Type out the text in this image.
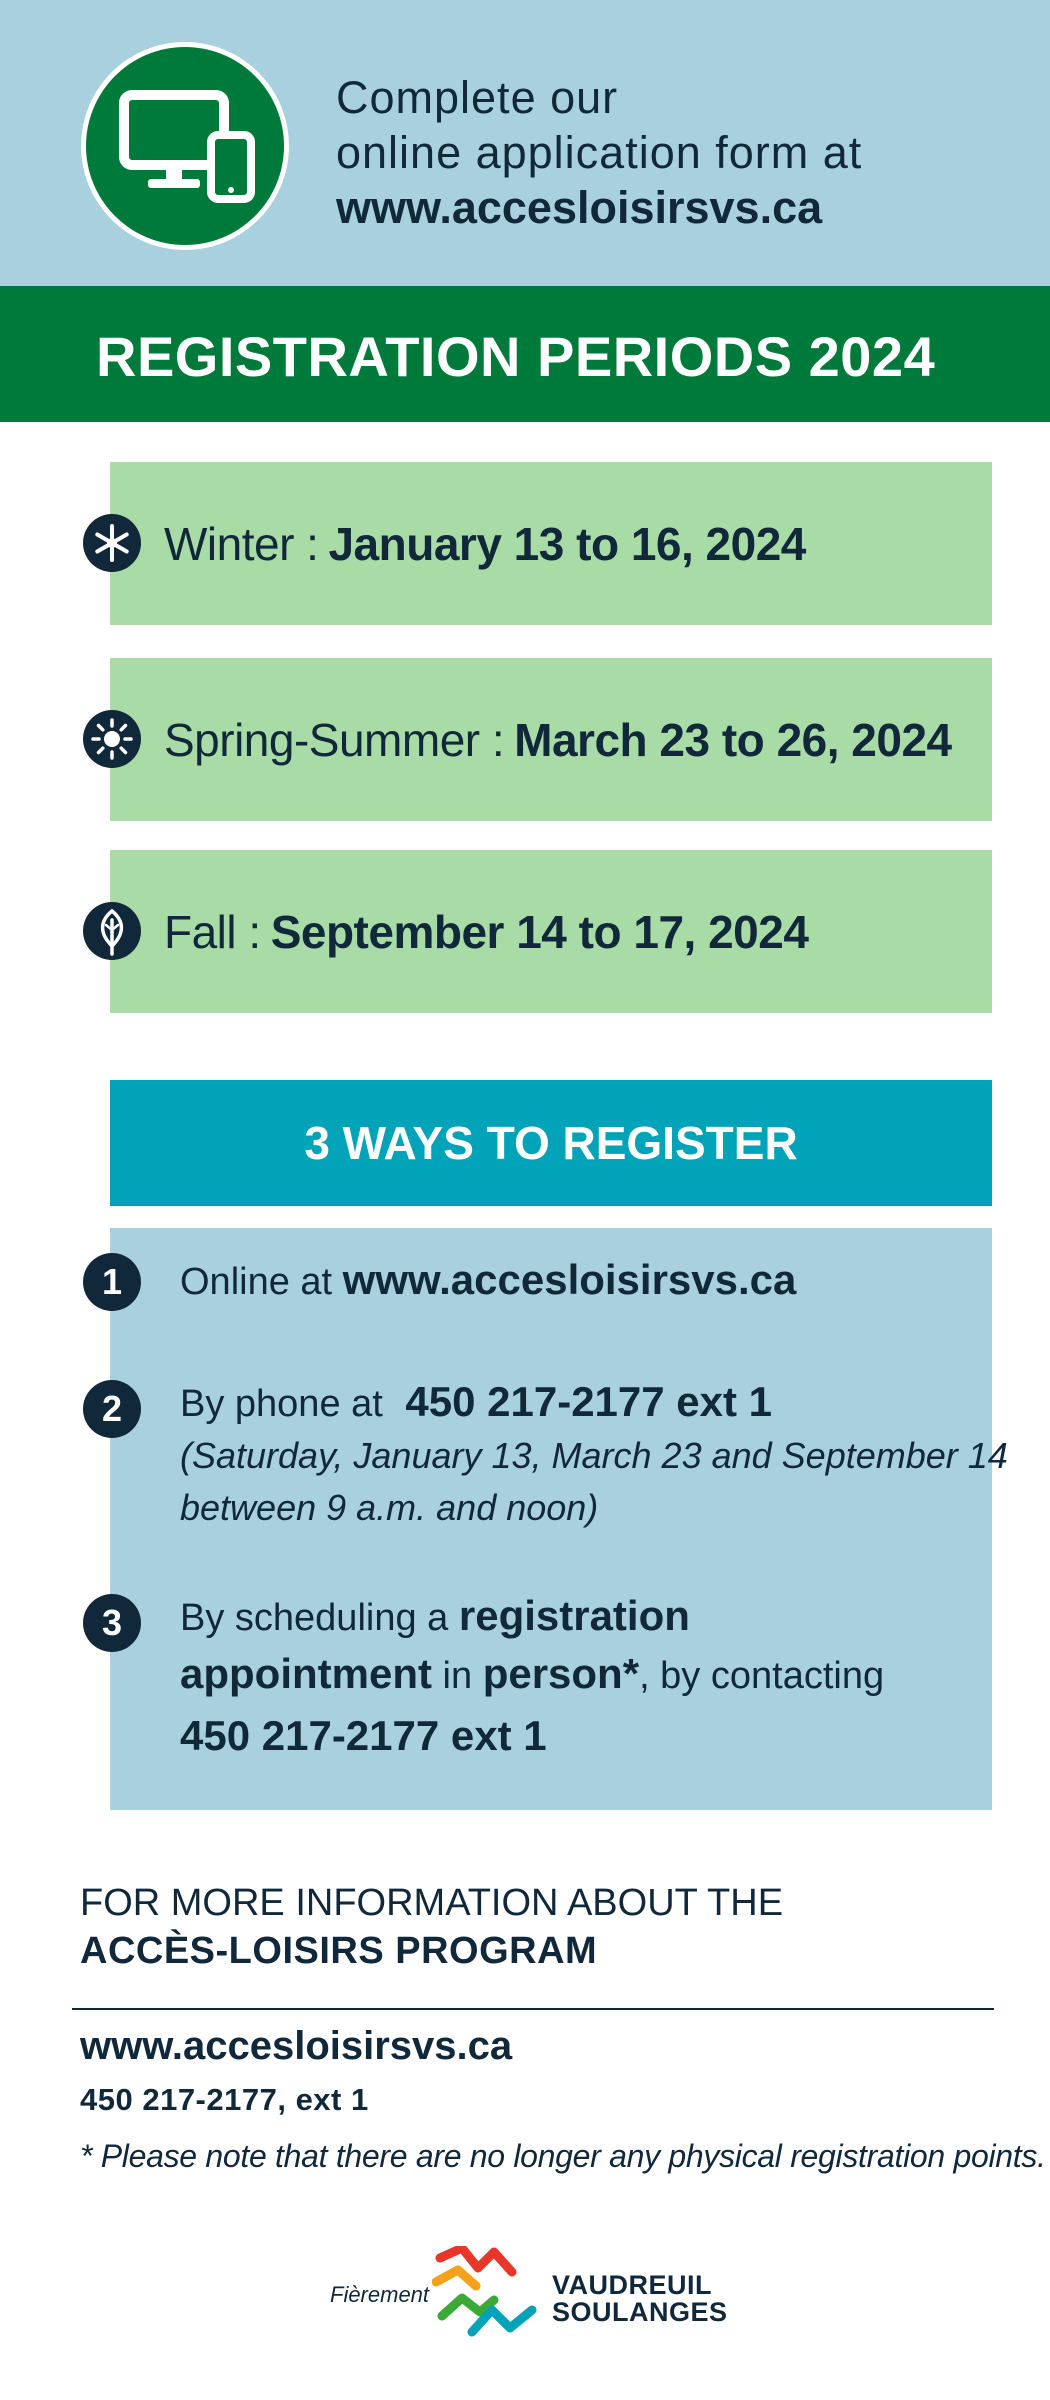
Complete our
online application form at
www.accesloisirsvs.ca
REGISTRATION PERIODS 2024
Winter : January 13 to 16, 2024
Spring-Summer : March 23 to 26, 2024
Fall : September 14 to 17, 2024
3 WAYS TO REGISTER
1	Online at www.accesloisirsvs.ca
2	By phone at 450 217-2177 ext 1
(Saturday, January 13, March 23 and September 14
between 9 a.m. and noon)
3	By scheduling a registration
appointment in person*, by contacting
450 217-2177 ext 1
FOR MORE INFORMATION ABOUT THE
ACCÈS-LOISIRS PROGRAM
www.accesloisirsvs.ca
450 217-2177, ext 1
* Please note that there are no longer any physical registration points.
Fièrement	VAUDREUIL
SOULANGES
